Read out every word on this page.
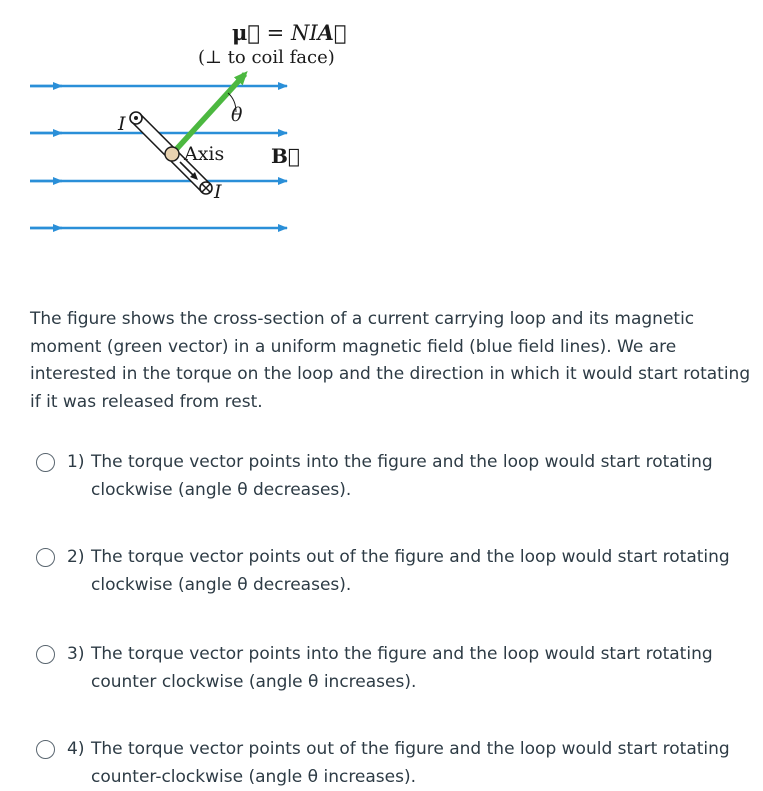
μ⃗ = NIA⃗
(⊥ to coil face)
I
I
θ
Axis B⃗

The figure shows the cross-section of a current carrying loop and its magnetic moment (green vector) in a uniform magnetic field (blue field lines). We are interested in the torque on the loop and the direction in which it would start rotating if it was released from rest.

1) The torque vector points into the figure and the loop would start rotating clockwise (angle θ decreases).
2) The torque vector points out of the figure and the loop would start rotating clockwise (angle θ decreases).
3) The torque vector points into the figure and the loop would start rotating counter clockwise (angle θ increases).
4) The torque vector points out of the figure and the loop would start rotating counter-clockwise (angle θ increases).
